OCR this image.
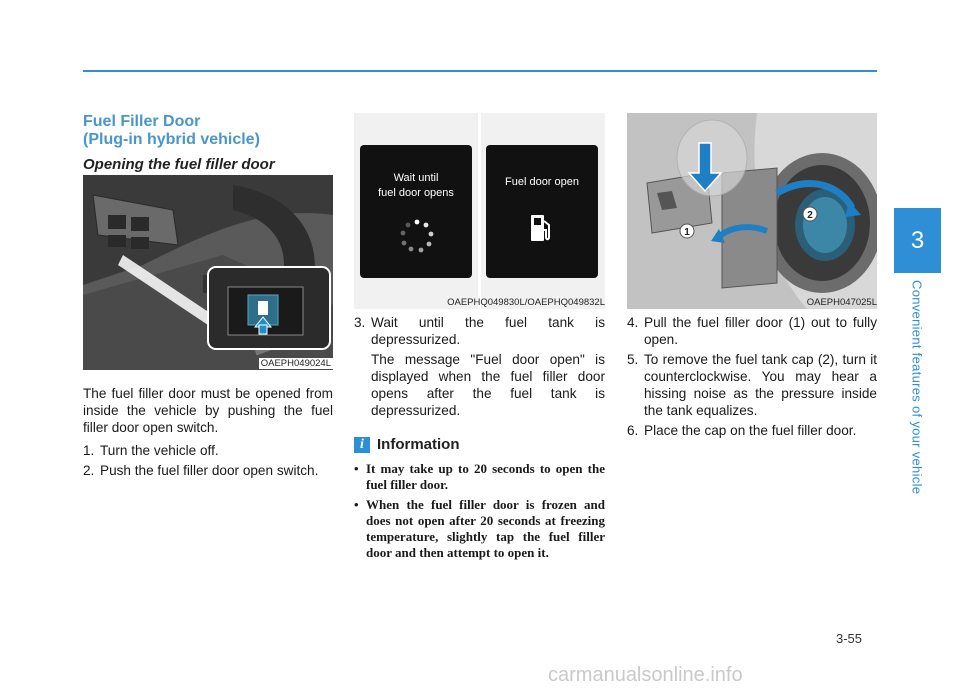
3
Convenient features of your vehicle
3-55
carmanualsonline.info
Fuel Filler Door
(Plug-in hybrid vehicle)
Opening the fuel filler door
OAEPH049024L

The fuel filler door must be opened from inside the vehicle by pushing the fuel filler door open switch.

1. Turn the vehicle off.
2. Push the fuel filler door open switch.
Wait until
fuel door opens
Fuel door open
OAEPHQ049830L/OAEPHQ049832L
3. Wait until the fuel tank is depressurized.
The message "Fuel door open" is displayed when the fuel filler door opens after the fuel tank is depressurized.
i Information
• It may take up to 20 seconds to open the fuel filler door.
• When the fuel filler door is frozen and does not open after 20 seconds at freezing temperature, slightly tap the fuel filler door and then attempt to open it.
1
2
OAEPH047025L
4. Pull the fuel filler door (1) out to fully open.
5. To remove the fuel tank cap (2), turn it counterclockwise. You may hear a hissing noise as the pressure inside the tank equalizes.
6. Place the cap on the fuel filler door.
